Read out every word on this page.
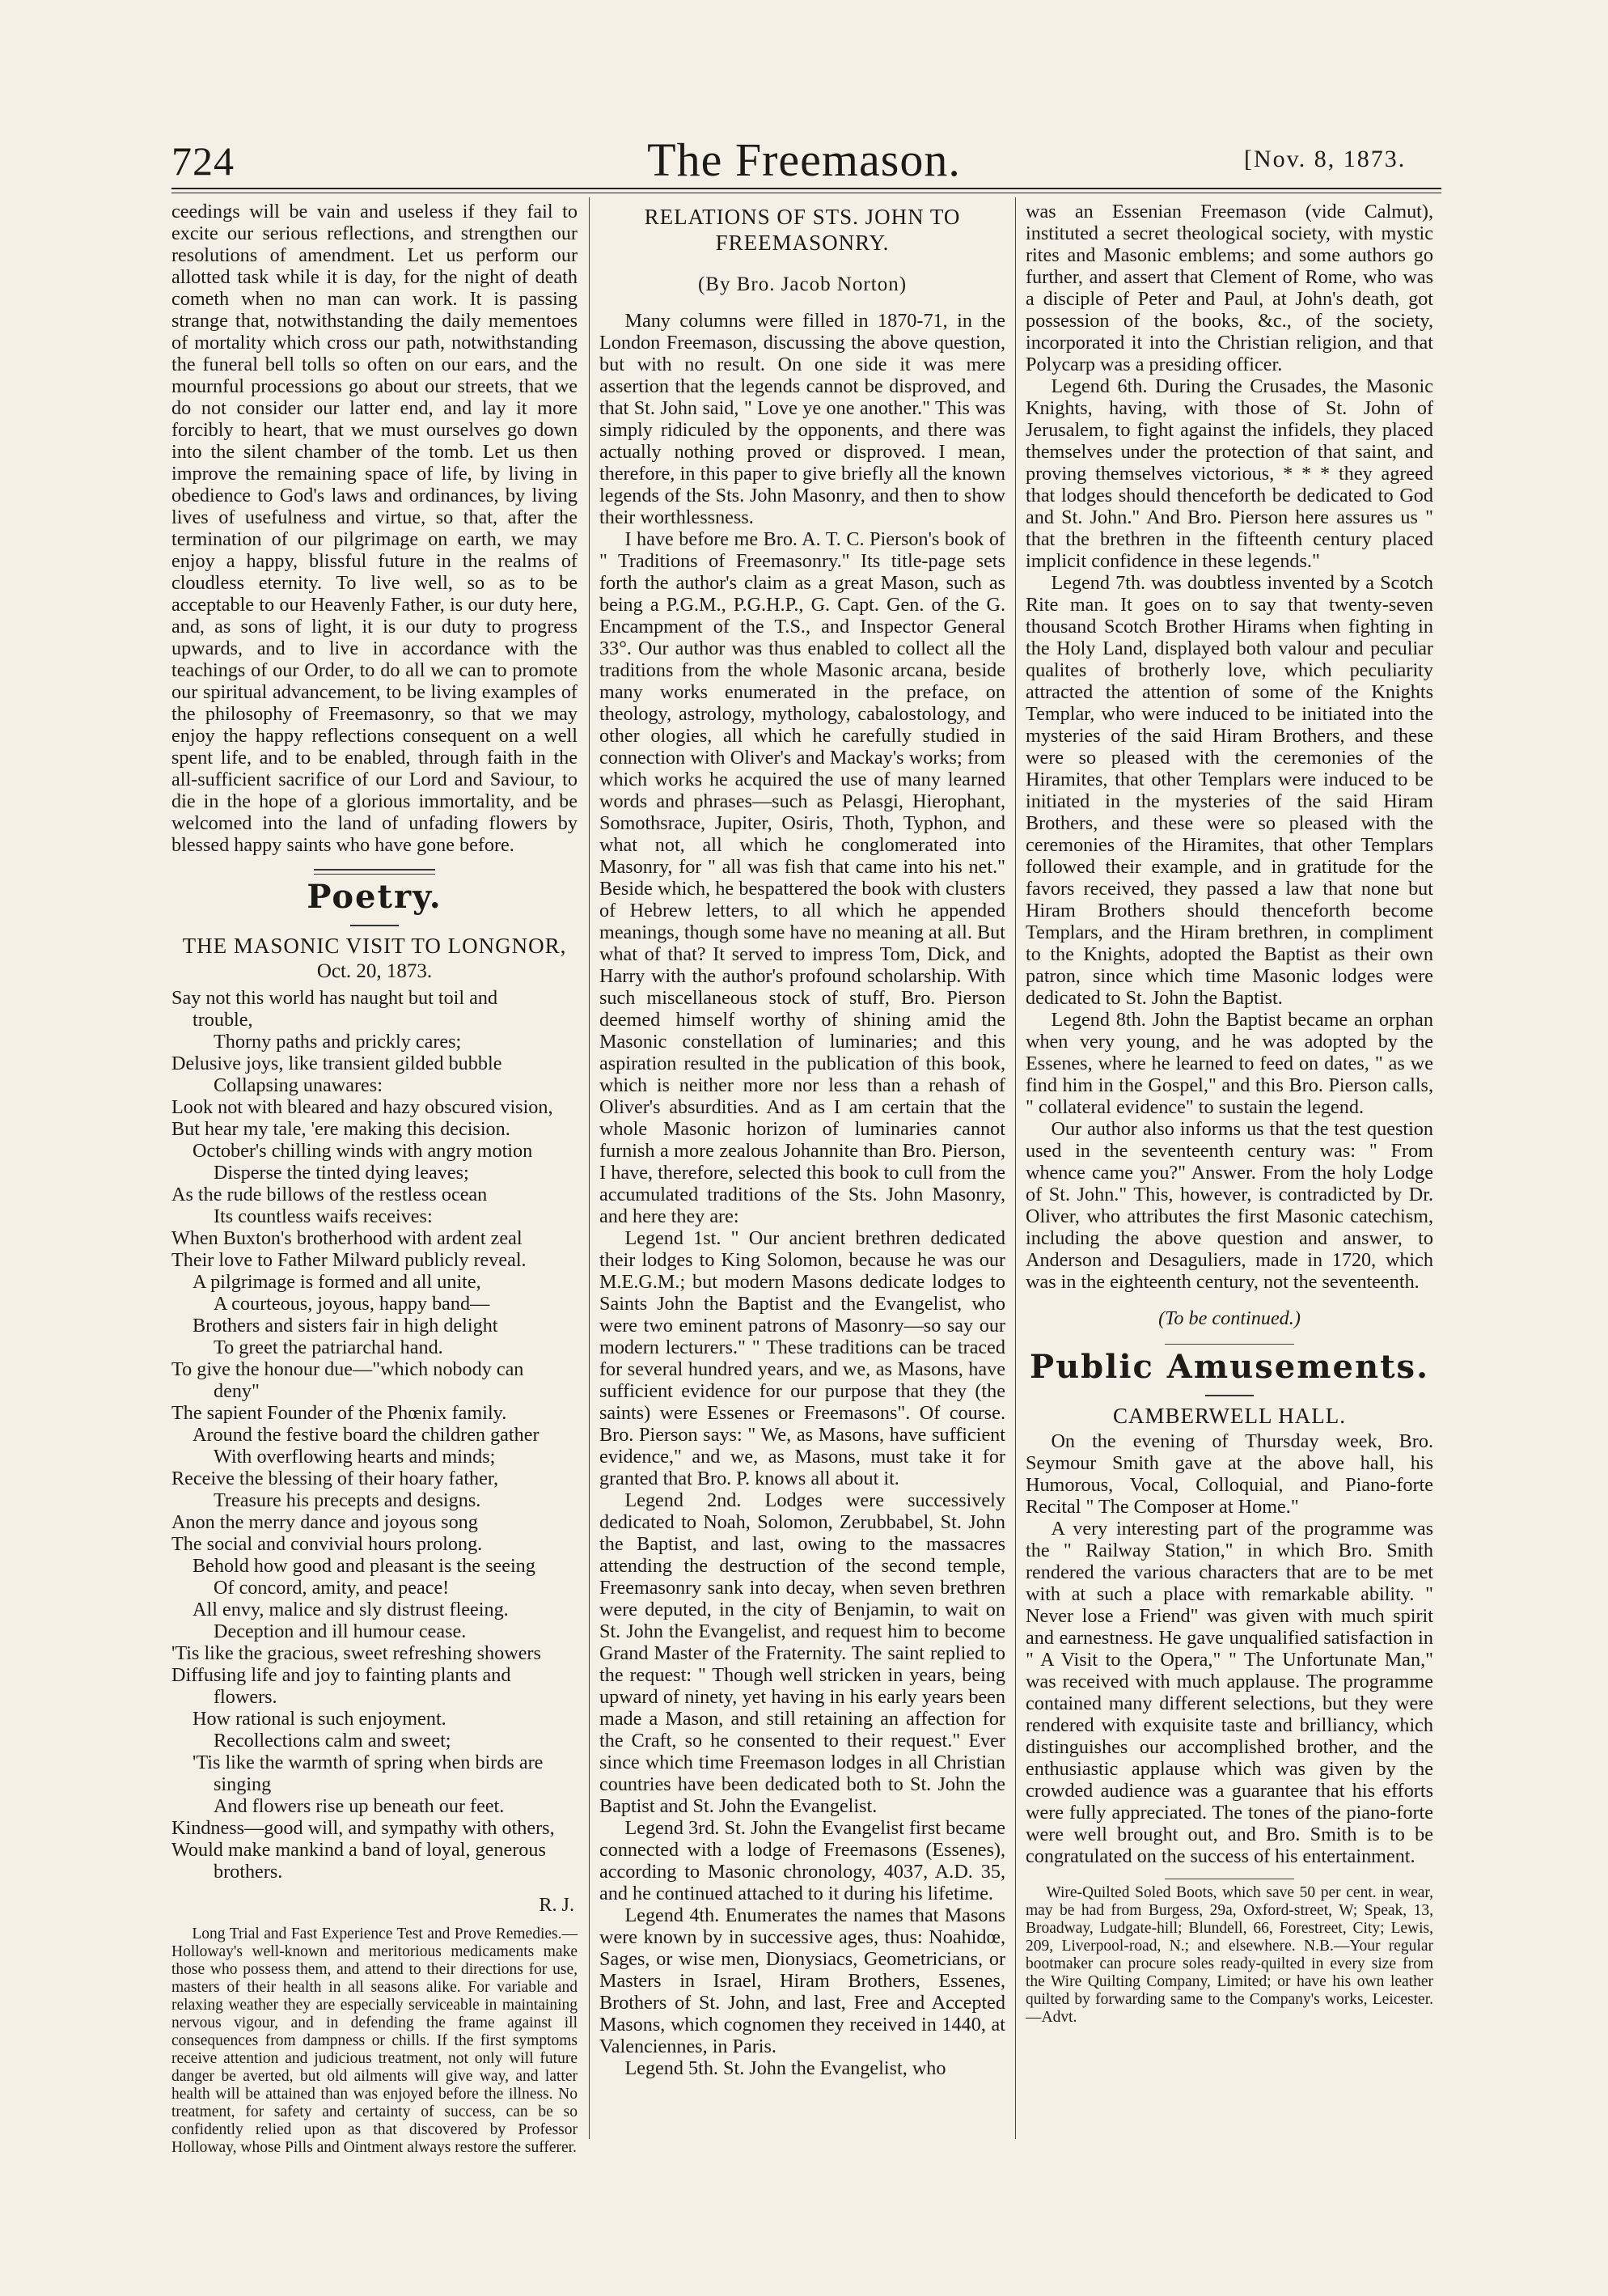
724	The Freemason.	[Nov. 8, 1873.

ceedings will be vain and useless if they fail to excite our serious reflections, and strengthen our resolutions of amendment. Let us perform our allotted task while it is day, for the night of death cometh when no man can work. It is passing strange that, notwithstanding the daily mementoes of mortality which cross our path, notwithstanding the funeral bell tolls so often on our ears, and the mournful processions go about our streets, that we do not consider our latter end, and lay it more forcibly to heart, that we must ourselves go down into the silent chamber of the tomb. Let us then improve the remaining space of life, by living in obedience to God's laws and ordinances, by living lives of usefulness and virtue, so that, after the termination of our pilgrimage on earth, we may enjoy a happy, blissful future in the realms of cloudless eternity. To live well, so as to be acceptable to our Heavenly Father, is our duty here, and, as sons of light, it is our duty to progress upwards, and to live in accordance with the teachings of our Order, to do all we can to promote our spiritual advancement, to be living examples of the philosophy of Freemasonry, so that we may enjoy the happy reflections consequent on a well spent life, and to be enabled, through faith in the all-sufficient sacrifice of our Lord and Saviour, to die in the hope of a glorious immortality, and be welcomed into the land of unfading flowers by blessed happy saints who have gone before.

Poetry.
THE MASONIC VISIT TO LONGNOR,
Oct. 20, 1873.
Say not this world has naught but toil and
trouble,
Thorny paths and prickly cares;
Delusive joys, like transient gilded bubble
Collapsing unawares:
Look not with bleared and hazy obscured vision,
But hear my tale, 'ere making this decision.
October's chilling winds with angry motion
Disperse the tinted dying leaves;
As the rude billows of the restless ocean
Its countless waifs receives:
When Buxton's brotherhood with ardent zeal
Their love to Father Milward publicly reveal.
A pilgrimage is formed and all unite,
A courteous, joyous, happy band—
Brothers and sisters fair in high delight
To greet the patriarchal hand.
To give the honour due—"which nobody can
deny"
The sapient Founder of the Phœnix family.
Around the festive board the children gather
With overflowing hearts and minds;
Receive the blessing of their hoary father,
Treasure his precepts and designs.
Anon the merry dance and joyous song
The social and convivial hours prolong.
Behold how good and pleasant is the seeing
Of concord, amity, and peace!
All envy, malice and sly distrust fleeing.
Deception and ill humour cease.
'Tis like the gracious, sweet refreshing showers
Diffusing life and joy to fainting plants and
flowers.
How rational is such enjoyment.
Recollections calm and sweet;
'Tis like the warmth of spring when birds are
singing
And flowers rise up beneath our feet.
Kindness—good will, and sympathy with others,
Would make mankind a band of loyal, generous
brothers.
R. J.

Long Trial and Fast Experience Test and Prove Remedies.—Holloway's well-known and meritorious medicaments make those who possess them, and attend to their directions for use, masters of their health in all seasons alike. For variable and relaxing weather they are especially serviceable in maintaining nervous vigour, and in defending the frame against ill consequences from dampness or chills. If the first symptoms receive attention and judicious treatment, not only will future danger be averted, but old ailments will give way, and latter health will be attained than was enjoyed before the illness. No treatment, for safety and certainty of success, can be so confidently relied upon as that discovered by Professor Holloway, whose Pills and Ointment always restore the sufferer.

RELATIONS OF STS. JOHN TO FREEMASONRY.
(By Bro. Jacob Norton)

Many columns were filled in 1870-71, in the London Freemason, discussing the above question, but with no result. On one side it was mere assertion that the legends cannot be disproved, and that St. John said, " Love ye one another." This was simply ridiculed by the opponents, and there was actually nothing proved or disproved. I mean, therefore, in this paper to give briefly all the known legends of the Sts. John Masonry, and then to show their worthlessness.

I have before me Bro. A. T. C. Pierson's book of " Traditions of Freemasonry." Its title-page sets forth the author's claim as a great Mason, such as being a P.G.M., P.G.H.P., G. Capt. Gen. of the G. Encampment of the T.S., and Inspector General 33°. Our author was thus enabled to collect all the traditions from the whole Masonic arcana, beside many works enumerated in the preface, on theology, astrology, mythology, cabalostology, and other ologies, all which he carefully studied in connection with Oliver's and Mackay's works; from which works he acquired the use of many learned words and phrases—such as Pelasgi, Hierophant, Somothsrace, Jupiter, Osiris, Thoth, Typhon, and what not, all which he conglomerated into Masonry, for " all was fish that came into his net." Beside which, he bespattered the book with clusters of Hebrew letters, to all which he appended meanings, though some have no meaning at all. But what of that? It served to impress Tom, Dick, and Harry with the author's profound scholarship. With such miscellaneous stock of stuff, Bro. Pierson deemed himself worthy of shining amid the Masonic constellation of luminaries; and this aspiration resulted in the publication of this book, which is neither more nor less than a rehash of Oliver's absurdities. And as I am certain that the whole Masonic horizon of luminaries cannot furnish a more zealous Johannite than Bro. Pierson, I have, therefore, selected this book to cull from the accumulated traditions of the Sts. John Masonry, and here they are:

Legend 1st. " Our ancient brethren dedicated their lodges to King Solomon, because he was our M.E.G.M.; but modern Masons dedicate lodges to Saints John the Baptist and the Evangelist, who were two eminent patrons of Masonry—so say our modern lecturers." " These traditions can be traced for several hundred years, and we, as Masons, have sufficient evidence for our purpose that they (the saints) were Essenes or Freemasons". Of course. Bro. Pierson says: " We, as Masons, have sufficient evidence," and we, as Masons, must take it for granted that Bro. P. knows all about it.

Legend 2nd. Lodges were successively dedicated to Noah, Solomon, Zerubbabel, St. John the Baptist, and last, owing to the massacres attending the destruction of the second temple, Freemasonry sank into decay, when seven brethren were deputed, in the city of Benjamin, to wait on St. John the Evangelist, and request him to become Grand Master of the Fraternity. The saint replied to the request: " Though well stricken in years, being upward of ninety, yet having in his early years been made a Mason, and still retaining an affection for the Craft, so he consented to their request." Ever since which time Freemason lodges in all Christian countries have been dedicated both to St. John the Baptist and St. John the Evangelist.

Legend 3rd. St. John the Evangelist first became connected with a lodge of Freemasons (Essenes), according to Masonic chronology, 4037, A.D. 35, and he continued attached to it during his lifetime.

Legend 4th. Enumerates the names that Masons were known by in successive ages, thus: Noahidœ, Sages, or wise men, Dionysiacs, Geometricians, or Masters in Israel, Hiram Brothers, Essenes, Brothers of St. John, and last, Free and Accepted Masons, which cognomen they received in 1440, at Valenciennes, in Paris.

Legend 5th. St. John the Evangelist, who

was an Essenian Freemason (vide Calmut), instituted a secret theological society, with mystic rites and Masonic emblems; and some authors go further, and assert that Clement of Rome, who was a disciple of Peter and Paul, at John's death, got possession of the books, &c., of the society, incorporated it into the Christian religion, and that Polycarp was a presiding officer.

Legend 6th. During the Crusades, the Masonic Knights, having, with those of St. John of Jerusalem, to fight against the infidels, they placed themselves under the protection of that saint, and proving themselves victorious, * * * they agreed that lodges should thenceforth be dedicated to God and St. John." And Bro. Pierson here assures us " that the brethren in the fifteenth century placed implicit confidence in these legends."

Legend 7th. was doubtless invented by a Scotch Rite man. It goes on to say that twenty-seven thousand Scotch Brother Hirams when fighting in the Holy Land, displayed both valour and peculiar qualites of brotherly love, which peculiarity attracted the attention of some of the Knights Templar, who were induced to be initiated into the mysteries of the said Hiram Brothers, and these were so pleased with the ceremonies of the Hiramites, that other Templars were induced to be initiated in the mysteries of the said Hiram Brothers, and these were so pleased with the ceremonies of the Hiramites, that other Templars followed their example, and in gratitude for the favors received, they passed a law that none but Hiram Brothers should thenceforth become Templars, and the Hiram brethren, in compliment to the Knights, adopted the Baptist as their own patron, since which time Masonic lodges were dedicated to St. John the Baptist.

Legend 8th. John the Baptist became an orphan when very young, and he was adopted by the Essenes, where he learned to feed on dates, " as we find him in the Gospel," and this Bro. Pierson calls, " collateral evidence" to sustain the legend.

Our author also informs us that the test question used in the seventeenth century was: " From whence came you?" Answer. From the holy Lodge of St. John." This, however, is contradicted by Dr. Oliver, who attributes the first Masonic catechism, including the above question and answer, to Anderson and Desaguliers, made in 1720, which was in the eighteenth century, not the seventeenth.

(To be continued.)
Public Amusements.
CAMBERWELL HALL.

On the evening of Thursday week, Bro. Seymour Smith gave at the above hall, his Humorous, Vocal, Colloquial, and Piano-forte Recital " The Composer at Home."

A very interesting part of the programme was the " Railway Station," in which Bro. Smith rendered the various characters that are to be met with at such a place with remarkable ability. " Never lose a Friend" was given with much spirit and earnestness. He gave unqualified satisfaction in " A Visit to the Opera," " The Unfortunate Man," was received with much applause. The programme contained many different selections, but they were rendered with exquisite taste and brilliancy, which distinguishes our accomplished brother, and the enthusiastic applause which was given by the crowded audience was a guarantee that his efforts were fully appreciated. The tones of the piano-forte were well brought out, and Bro. Smith is to be congratulated on the success of his entertainment.

Wire-Quilted Soled Boots, which save 50 per cent. in wear, may be had from Burgess, 29a, Oxford-street, W; Speak, 13, Broadway, Ludgate-hill; Blundell, 66, Forestreet, City; Lewis, 209, Liverpool-road, N.; and elsewhere. N.B.—Your regular bootmaker can procure soles ready-quilted in every size from the Wire Quilting Company, Limited; or have his own leather quilted by forwarding same to the Company's works, Leicester.—Advt.
